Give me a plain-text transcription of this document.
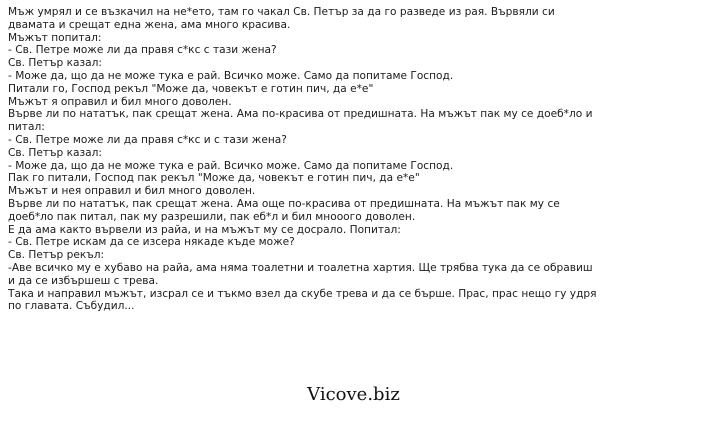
Мъж умрял и се възкачил на не*ето, там го чакал Св. Петър за да го разведе из рая. Вървяли си двамата и срещат една жена, ама много красива.

Мъжът попитал:

- Св. Петре може ли да правя с*кс с тази жена?

Св. Петър казал:

- Може да, що да не може тука е рай. Всичко може. Само да попитаме Господ.

Питали го, Господ рекъл "Може да, човекът е готин пич, да е*е"

Мъжът я оправил и бил много доволен.

Върве ли по нататък, пак срещат жена. Ама по-красива от предишната. На мъжът пак му се доеб*ло и питал:

- Св. Петре може ли да правя с*кс и с тази жена?

Св. Петър казал:

- Може да, що да не може тука е рай. Всичко може. Само да попитаме Господ.

Пак го питали, Господ пак рекъл "Може да, човекът е готин пич, да е*е"

Мъжът и нея оправил и бил много доволен.

Върве ли по нататък, пак срещат жена. Ама още по-красива от предишната. На мъжът пак му се доеб*ло пак питал, пак му разрешили, пак еб*л и бил мнооого доволен.

Е да ама както вървели из райа, и на мъжът му се досрало. Попитал:

- Св. Петре искам да се изсера някаде къде може?

Св. Петър рекъл:

-Аве всичко му е хубаво на райа, ама няма тоалетни и тоалетна хартия. Ще трябва тука да се обравиш и да се избършеш с трева.

Така и направил мъжът, изсрал се и тъкмо взел да скубе трева и да се бърше. Прас, прас нещо гу удря по главата. Събудил...

Vicove.biz
